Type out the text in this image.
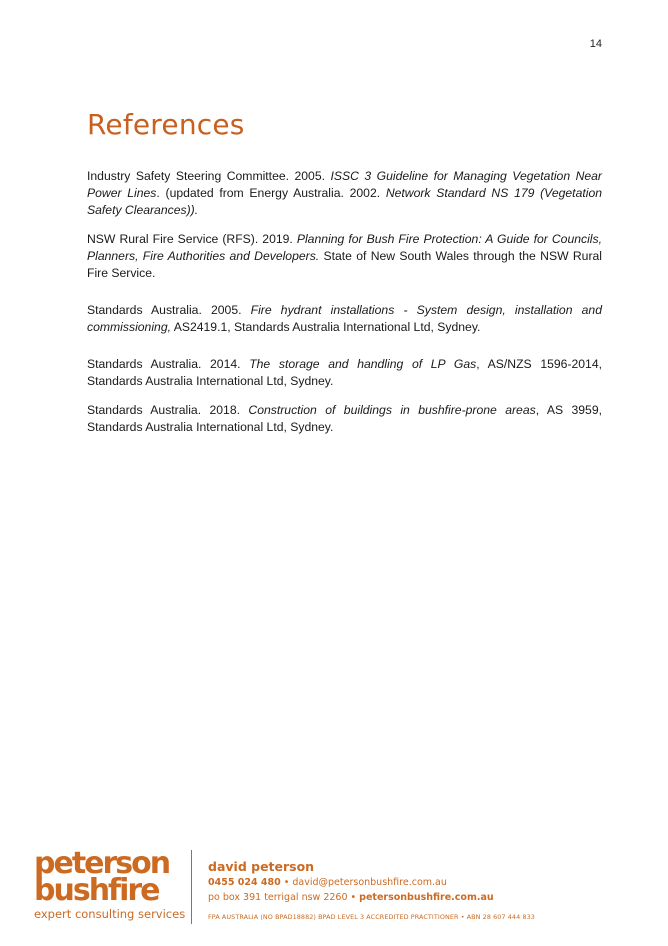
14
References

Industry Safety Steering Committee. 2005. ISSC 3 Guideline for Managing Vegetation Near Power Lines. (updated from Energy Australia. 2002. Network Standard NS 179 (Vegetation Safety Clearances)).

NSW Rural Fire Service (RFS). 2019. Planning for Bush Fire Protection: A Guide for Councils, Planners, Fire Authorities and Developers. State of New South Wales through the NSW Rural Fire Service.

Standards Australia. 2005. Fire hydrant installations - System design, installation and commissioning, AS2419.1, Standards Australia International Ltd, Sydney.

Standards Australia. 2014. The storage and handling of LP Gas, AS/NZS 1596-2014, Standards Australia International Ltd, Sydney.

Standards Australia. 2018. Construction of buildings in bushfire-prone areas, AS 3959, Standards Australia International Ltd, Sydney.

peterson
bushfire
expert consulting services
david peterson
0455 024 480 • david@petersonbushfire.com.au
po box 391 terrigal nsw 2260 • petersonbushfire.com.au
FPA AUSTRALIA (NO BPAD18882) BPAD LEVEL 3 ACCREDITED PRACTITIONER • ABN 28 607 444 833
